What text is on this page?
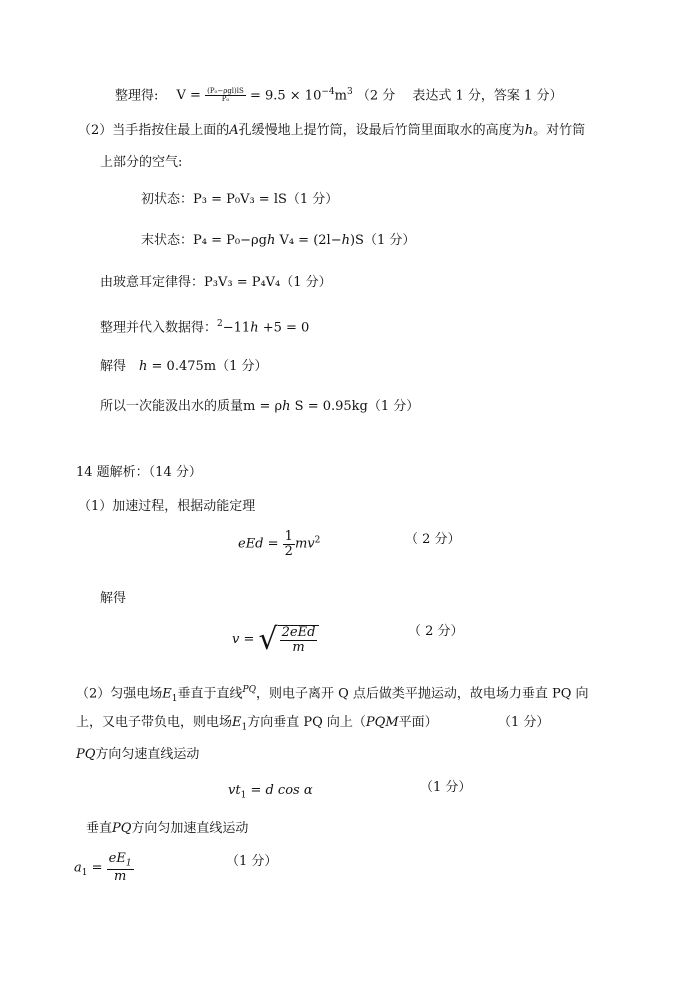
整理得: $V = \frac{\text{(P₀−ρgl)lS}}{\text{P₀}} = 9.5 \times 10^{-4}m^3$ （2 分　 表达式 1 分，答案 1 分）
（2）当手指按住最上面的A孔缓慢地上提竹筒，设最后竹筒里面取水的高度为h。对竹筒
上部分的空气:
初状态：P₃ = P₀V₃ = lS（1 分）
末状态：P₄ = P₀−ρgh V₄ = (2l−h)S（1 分）
由玻意耳定律得：P₃V₃ = P₄V₄（1 分）
整理并代入数据得：$^2$−11h +5 = 0
解得　h = 0.475m（1 分）
所以一次能汲出水的质量m = ρh S = 0.95kg（1 分）
14 题解析：（14 分）
（1）加速过程，根据动能定理
eEd = $\frac{1}{2} mv^2$	（ 2 分）
解得
v = √ $\frac{\text{2eEd}}{m}$	（ 2 分）
（2）匀强电场$E_1$垂直于直线$^{PQ}$，则电子离开 Q 点后做类平抛运动，故电场力垂直 PQ 向
上，又电子带负电，则电场$E_1$方向垂直 PQ 向上（PQM平面）	（1 分）
PQ方向匀速直线运动
$vt_1 = d$ cos α	（1 分）
垂直PQ方向匀加速直线运动
（1 分）
$a_1 = \frac{eE_1}{m}$
